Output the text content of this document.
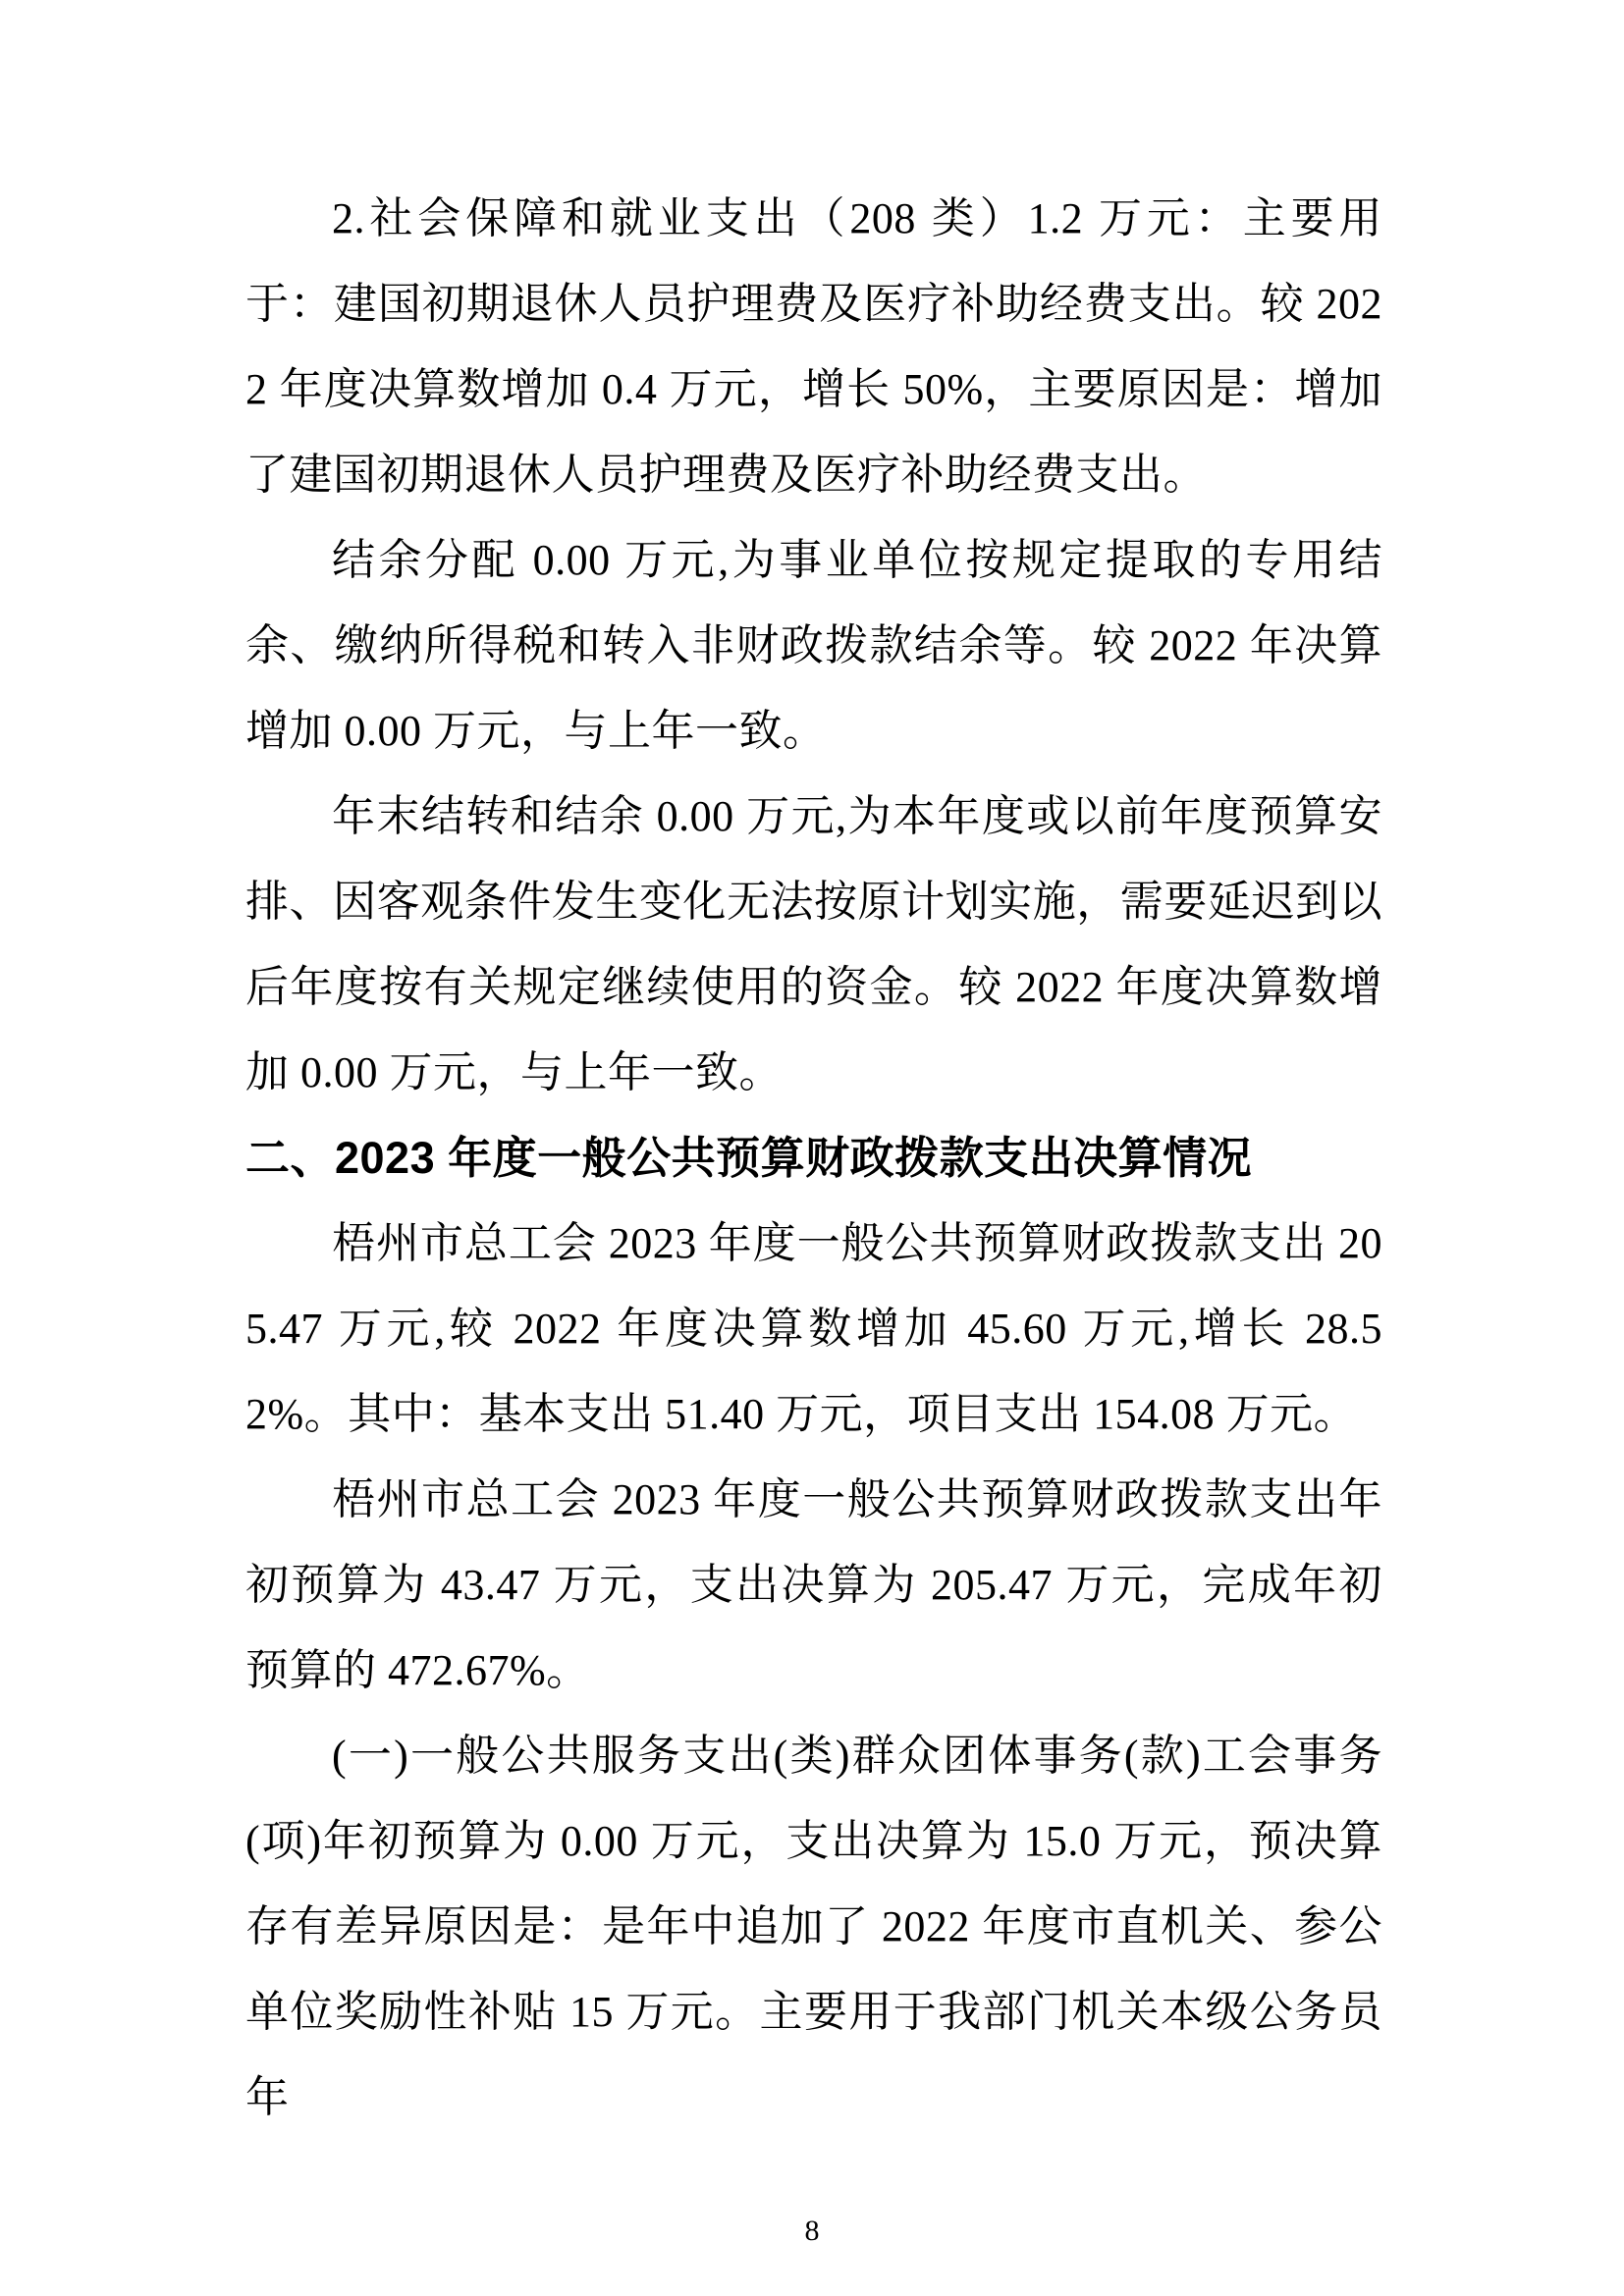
2.社会保障和就业支出（208 类）1.2 万元：主要用于：建国初期退休人员护理费及医疗补助经费支出。较 2022 年度决算数增加 0.4 万元，增长 50%，主要原因是：增加了建国初期退休人员护理费及医疗补助经费支出。

结余分配 0.00 万元,为事业单位按规定提取的专用结余、缴纳所得税和转入非财政拨款结余等。较 2022 年决算增加 0.00 万元，与上年一致。

年末结转和结余 0.00 万元,为本年度或以前年度预算安排、因客观条件发生变化无法按原计划实施，需要延迟到以后年度按有关规定继续使用的资金。较 2022 年度决算数增加 0.00 万元，与上年一致。

二、2023 年度一般公共预算财政拨款支出决算情况

梧州市总工会 2023 年度一般公共预算财政拨款支出 205.47 万元,较 2022 年度决算数增加 45.60 万元,增长 28.52%。其中：基本支出 51.40 万元，项目支出 154.08 万元。

梧州市总工会 2023 年度一般公共预算财政拨款支出年初预算为 43.47 万元，支出决算为 205.47 万元，完成年初预算的 472.67%。

(一)一般公共服务支出(类)群众团体事务(款)工会事务(项)年初预算为 0.00 万元，支出决算为 15.0 万元，预决算存有差异原因是：是年中追加了 2022 年度市直机关、参公单位奖励性补贴 15 万元。主要用于我部门机关本级公务员年

8
